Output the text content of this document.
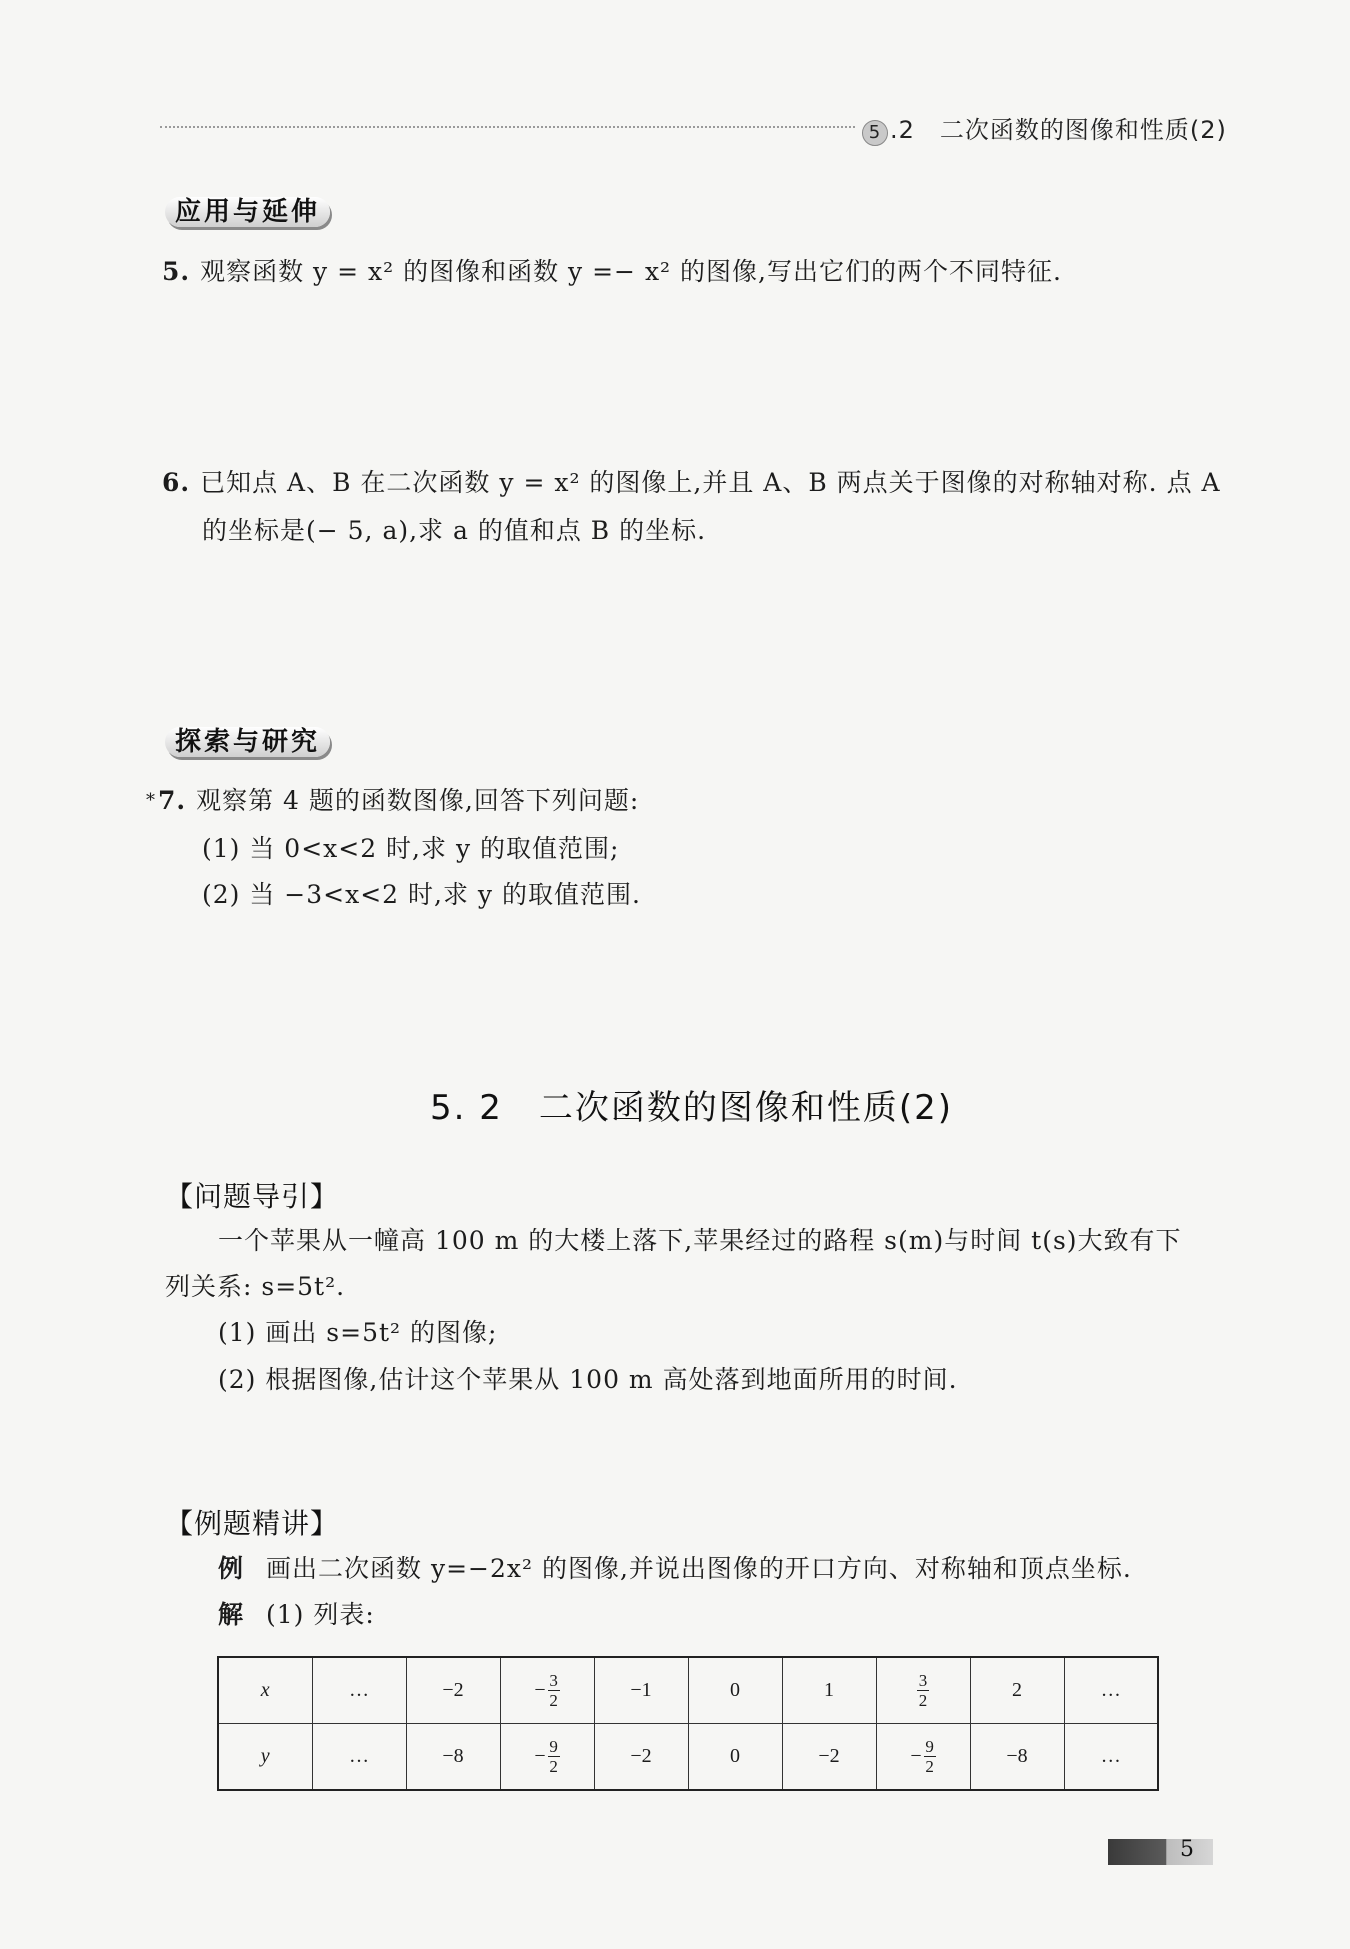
5 .2　二次函数的图像和性质(2)
应用与延伸
5. 观察函数 y = x² 的图像和函数 y =− x² 的图像,写出它们的两个不同特征.
6. 已知点 A、B 在二次函数 y = x² 的图像上,并且 A、B 两点关于图像的对称轴对称. 点 A
的坐标是(− 5, a),求 a 的值和点 B 的坐标.
探索与研究
*7. 观察第 4 题的函数图像,回答下列问题:
(1) 当 0<x<2 时,求 y 的取值范围;
(2) 当 −3<x<2 时,求 y 的取值范围.
5. 2　二次函数的图像和性质(2)
【问题导引】
一个苹果从一幢高 100 m 的大楼上落下,苹果经过的路程 s(m)与时间 t(s)大致有下
列关系: s=5t².
(1) 画出 s=5t² 的图像;
(2) 根据图像,估计这个苹果从 100 m 高处落到地面所用的时间.
【例题精讲】
例 画出二次函数 y=−2x² 的图像,并说出图像的开口方向、对称轴和顶点坐标.
解 (1) 列表:
x	…	−2	− $\frac{3}{2}$	−1	0	1	$\frac{3}{2}$	2	…
y	…	−8	− $\frac{9}{2}$	−2	0	−2	− $\frac{9}{2}$	−8	…
5
